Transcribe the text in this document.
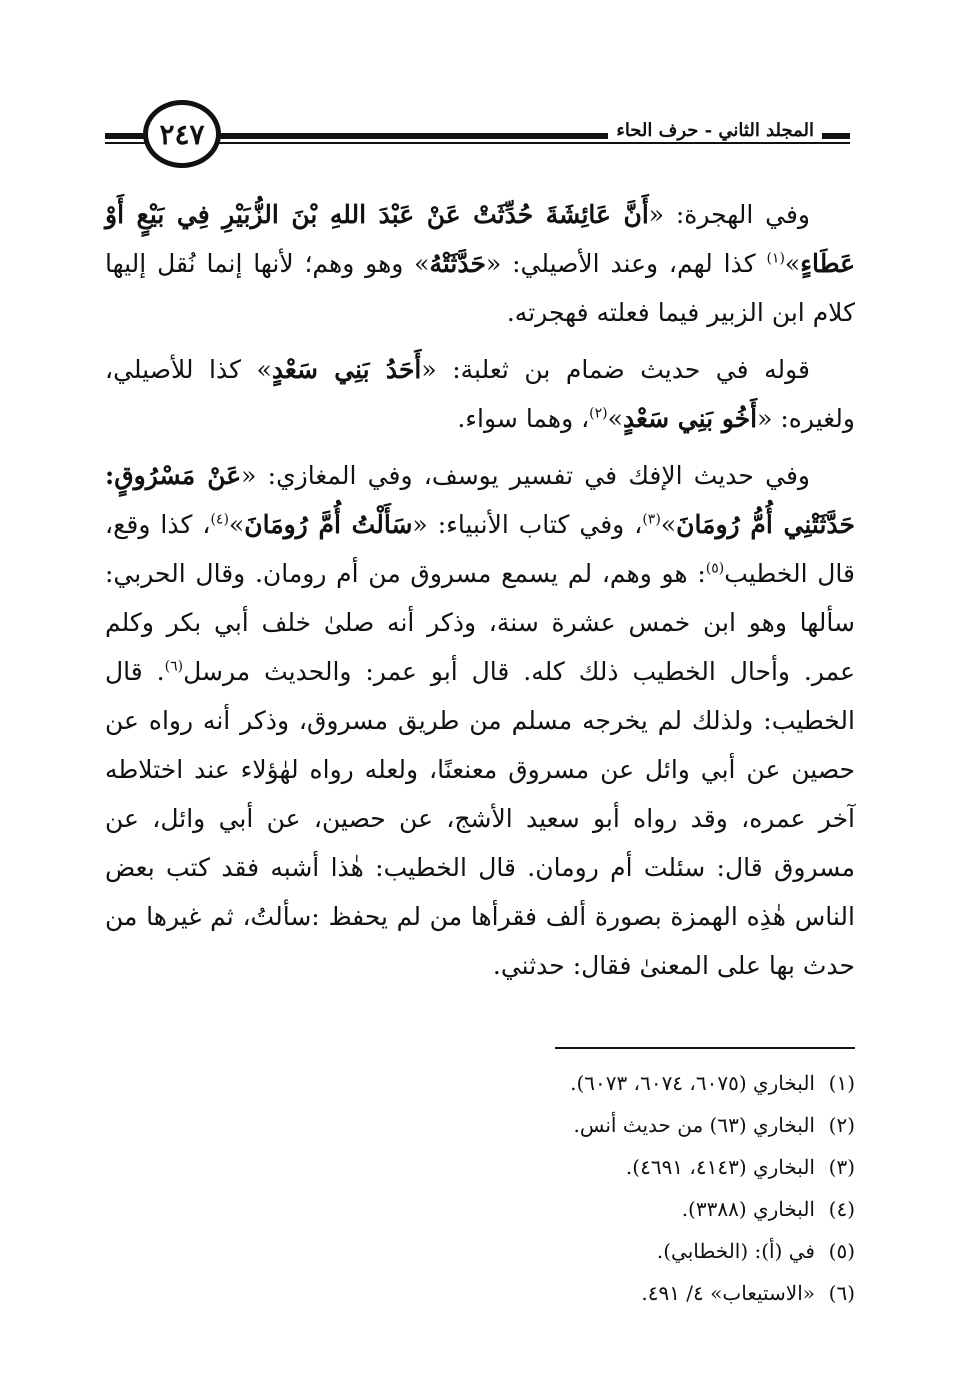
٢٤٧	المجلد الثاني - حرف الحاء

وفي الهجرة: «أَنَّ عَائِشَةَ حُدِّثَتْ عَنْ عَبْدَ اللهِ بْنَ الزُّبَيْرِ فِي بَيْعٍ أَوْ عَطَاءٍ»$^{(١)}$ كذا لهم، وعند الأصيلي: «حَدَّثَتْهُ» وهو وهم؛ لأنها إنما نُقل إليها كلام ابن الزبير فيما فعلته فهجرته.

قوله في حديث ضمام بن ثعلبة: «أَحَدُ بَنِي سَعْدٍ» كذا للأصيلي، ولغيره: «أَخُو بَنِي سَعْدٍ»$^{(٢)}$، وهما سواء.

وفي حديث الإفك في تفسير يوسف، وفي المغازي: «عَنْ مَسْرُوقٍ: حَدَّثَتْنِي أُمُّ رُومَانَ»$^{(٣)}$، وفي كتاب الأنبياء: «سَأَلْتُ أُمَّ رُومَانَ»$^{(٤)}$، كذا وقع، قال الخطيب$^{(٥)}$: هو وهم، لم يسمع مسروق من أم رومان. وقال الحربي: سألها وهو ابن خمس عشرة سنة، وذكر أنه صلىٰ خلف أبي بكر وكلم عمر. وأحال الخطيب ذلك كله. قال أبو عمر: والحديث مرسل$^{(٦)}$. قال الخطيب: ولذلك لم يخرجه مسلم من طريق مسروق، وذكر أنه رواه عن حصين عن أبي وائل عن مسروق معنعنًا، ولعله رواه لهٰؤلاء عند اختلاطه آخر عمره، وقد رواه أبو سعيد الأشج، عن حصين، عن أبي وائل، عن مسروق قال: سئلت أم رومان. قال الخطيب: هٰذا أشبه فقد كتب بعض الناس هٰذِه الهمزة بصورة ألف فقرأها من لم يحفظ :سألتُ، ثم غيرها من حدث بها على المعنىٰ فقال: حدثني.

(١)البخاري (٦٠٧٥، ٦٠٧٤، ٦٠٧٣).
(٢)البخاري (٦٣) من حديث أنس.
(٣)البخاري (٤١٤٣، ٤٦٩١).
(٤)البخاري (٣٣٨٨).
(٥)في (أ): (الخطابي).
(٦)«الاستيعاب» ٤/ ٤٩١.
